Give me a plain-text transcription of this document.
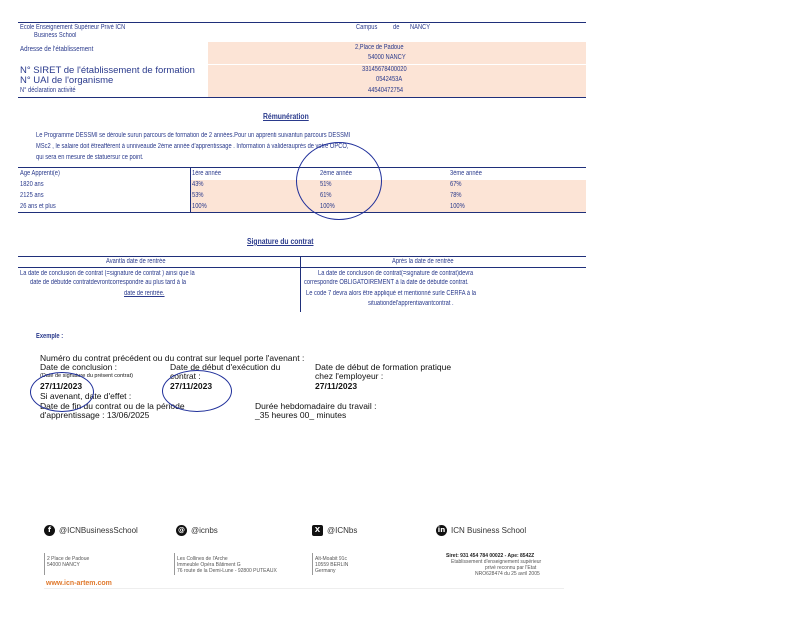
Ecole Enseignement Supérieur Privé ICN
Business School
Campus de NANCY
Adresse de l'établissement	2,Place de Padoue
54000 NANCY
N° SIRET de l'établissement de formation	33145678400020
N° UAI de l'organisme	0542453A
N° déclaration activité	44540472754
Rémunération
Le Programme DESSMI se déroule surun parcours de formation de 2 années.Pour un apprenti suivantun parcours DESSMI
MSc2 , le salaire doit êtreafférent à unniveaude 2ème année d'apprentissage . Information à validerauprès de votre OPCO,
qui sera en mesure de statuersur ce point.
Age Apprenti(e)	1ère année	2ème année	3ème année
1820 ans	43%	51%	67%
2125 ans	53%	61%	78%
26 ans et plus	100%	100%	100%
Signature du contrat
Avantla date de rentrée	Après la date de rentrée
La date de conclusion de contrat (=signature de contrat ) ainsi que la
date de débutde contratdevrontcorrespondre au plus tard à la
date de rentrée.
La date de conclusion de contrat(=signature de contrat)devra
correspondre OBLIGATOIREMENT à la date de débutde contrat.
Le code 7 devra alors être appliqué et mentionné surle CERFA à la
situationdel'apprentiavantcontrat .
Exemple :
Numéro du contrat précédent ou du contrat sur lequel porte l'avenant :
Date de conclusion :
(Date de signature du présent contrat)
27/11/2023
Date de début d'exécution du
contrat :
27/11/2023
Date de début de formation pratique
chez l'employeur :
27/11/2023
Si avenant, date d'effet :
Date de fin du contrat ou de la période
d'apprentissage : 13/06/2025
Durée hebdomadaire du travail :
_35 heures 00_ minutes
f @ICNBusinessSchool	@ @icnbs	X @ICNbs	in ICN Business School
2 Place de Padoue
54000 NANCY
Les Collines de l'Arche
Immeuble Opéra Bâtiment G
76 route de la Demi-Lune - 92800 PUTEAUX
Alt-Moabit 91c
10559 BERLIN
Germany
Siret: 931 454 784 00022 - Ape: 8542Z
Etablissement d'enseignement supérieur
privé reconnu par l'Etat
NRO628474 du 25 avril 2005
www.icn-artem.com
